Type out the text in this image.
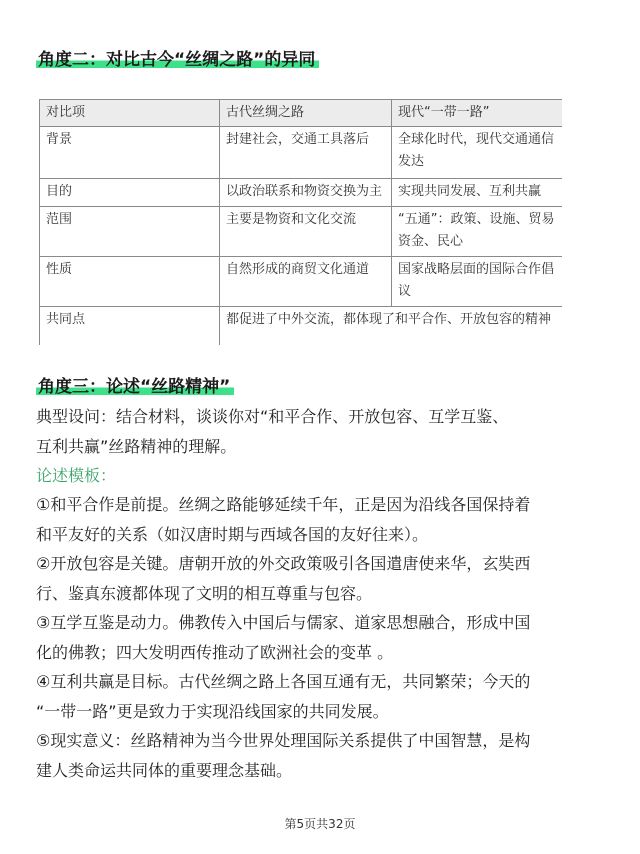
角度二：对比古今“丝绸之路”的异同
对比项	古代丝绸之路	现代“一带一路”
背景	封建社会，交通工具落后	全球化时代，现代交通通信发达
目的	以政治联系和物资交换为主	实现共同发展、互利共赢
范围	主要是物资和文化交流	“五通”：政策、设施、贸易资金、民心
性质	自然形成的商贸文化通道	国家战略层面的国际合作倡议
共同点	都促进了中外交流，都体现了和平合作、开放包容的精神	
角度三：论述“丝路精神”

典型设问：结合材料，谈谈你对“和平合作、开放包容、互学互鉴、

互利共赢”丝路精神的理解。

论述模板：

①和平合作是前提。丝绸之路能够延续千年，正是因为沿线各国保持着

和平友好的关系（如汉唐时期与西域各国的友好往来）。

②开放包容是关键。唐朝开放的外交政策吸引各国遣唐使来华，玄奘西

行、鉴真东渡都体现了文明的相互尊重与包容。

③互学互鉴是动力。佛教传入中国后与儒家、道家思想融合，形成中国

化的佛教；四大发明西传推动了欧洲社会的变革 。

④互利共赢是目标。古代丝绸之路上各国互通有无，共同繁荣；今天的

“一带一路”更是致力于实现沿线国家的共同发展。

⑤现实意义：丝路精神为当今世界处理国际关系提供了中国智慧，是构

建人类命运共同体的重要理念基础。

第5页共32页
